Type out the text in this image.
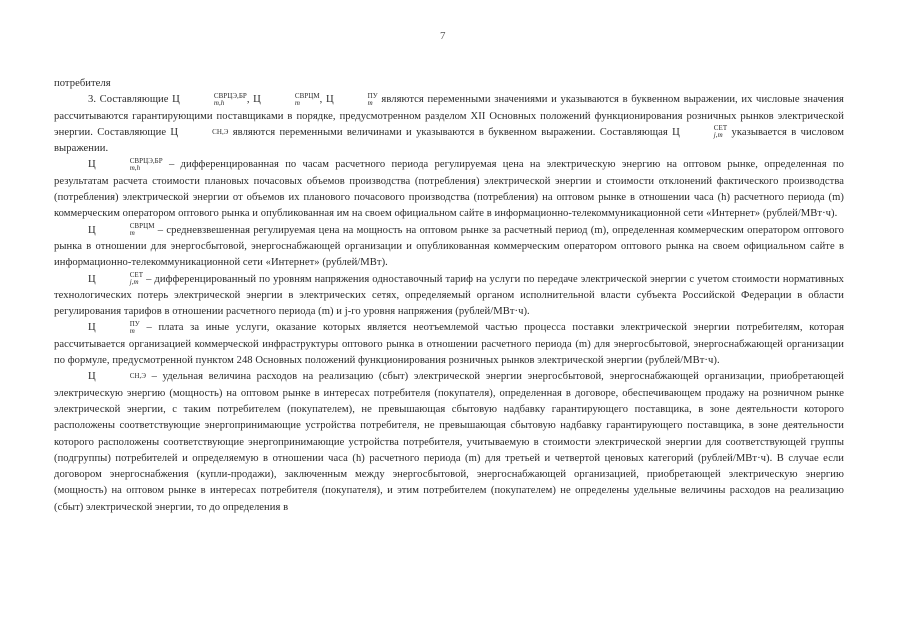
7

потребителя

3. Составляющие Ц	СВРЦЭ,БР
m,h	, Ц	СВРЦМ
m	, Ц	ПУ
m являются переменными значениями и указываются в буквенном выражении, их числовые значения рассчитываются гарантирующими поставщиками в порядке, предусмотренном разделом XII Основных положений функционирования розничных рынков электрической энергии. Составляющие Ц	СН,Э являются переменными величинами и указываются в буквенном выражении. Составляющая Ц	СЕТ
j,m указывается в числовом выражении.

Ц	СВРЦЭ,БР
m,h	– дифференцированная по часам расчетного периода регулируемая цена на электрическую энергию на оптовом рынке, определенная по результатам расчета стоимости плановых почасовых объемов производства (потребления) электрической энергии и стоимости отклонений фактического производства (потребления) электрической энергии от объемов их планового почасового производства (потребления) на оптовом рынке в отношении часа (h) расчетного периода (m) коммерческим оператором оптового рынка и опубликованная им на своем официальном сайте в информационно-телекоммуникационной сети «Интернет» (рублей/МВт·ч).

Ц	СВРЦМ
m	– средневзвешенная регулируемая цена на мощность на оптовом рынке за расчетный период (m), определенная коммерческим оператором оптового рынка в отношении для энергосбытовой, энергоснабжающей организации и опубликованная коммерческим оператором оптового рынка на своем официальном сайте в информационно-телекоммуникационной сети «Интернет» (рублей/МВт).

Ц	СЕТ
j,m – дифференцированный по уровням напряжения одноставочный тариф на услуги по передаче электрической энергии с учетом стоимости нормативных технологических потерь электрической энергии в электрических сетях, определяемый органом исполнительной власти субъекта Российской Федерации в области регулирования тарифов в отношении расчетного периода (m) и j-го уровня напряжения (рублей/МВт·ч).

Ц	ПУ
m – плата за иные услуги, оказание которых является неотъемлемой частью процесса поставки электрической энергии потребителям, которая рассчитывается организацией коммерческой инфраструктуры оптового рынка в отношении расчетного периода (m) для энергосбытовой, энергоснабжающей организации по формуле, предусмотренной пунктом 248 Основных положений функционирования розничных рынков электрической энергии (рублей/МВт·ч).

Ц	СН,Э – удельная величина расходов на реализацию (сбыт) электрической энергии энергосбытовой, энергоснабжающей организации, приобретающей электрическую энергию (мощность) на оптовом рынке в интересах потребителя (покупателя), определенная в договоре, обеспечивающем продажу на розничном рынке электрической энергии, с таким потребителем (покупателем), не превышающая сбытовую надбавку гарантирующего поставщика, в зоне деятельности которого расположены соответствующие энергопринимающие устройства потребителя, не превышающая сбытовую надбавку гарантирующего поставщика, в зоне деятельности которого расположены соответствующие энергопринимающие устройства потребителя, учитываемую в стоимости электрической энергии для соответствующей группы (подгруппы) потребителей и определяемую в отношении часа (h) расчетного периода (m) для третьей и четвертой ценовых категорий (рублей/МВт·ч). В случае если договором энергоснабжения (купли-продажи), заключенным между энергосбытовой, энергоснабжающей организацией, приобретающей электрическую энергию (мощность) на оптовом рынке в интересах потребителя (покупателя), и этим потребителем (покупателем) не определены удельные величины расходов на реализацию (сбыт) электрической энергии, то до определения в
